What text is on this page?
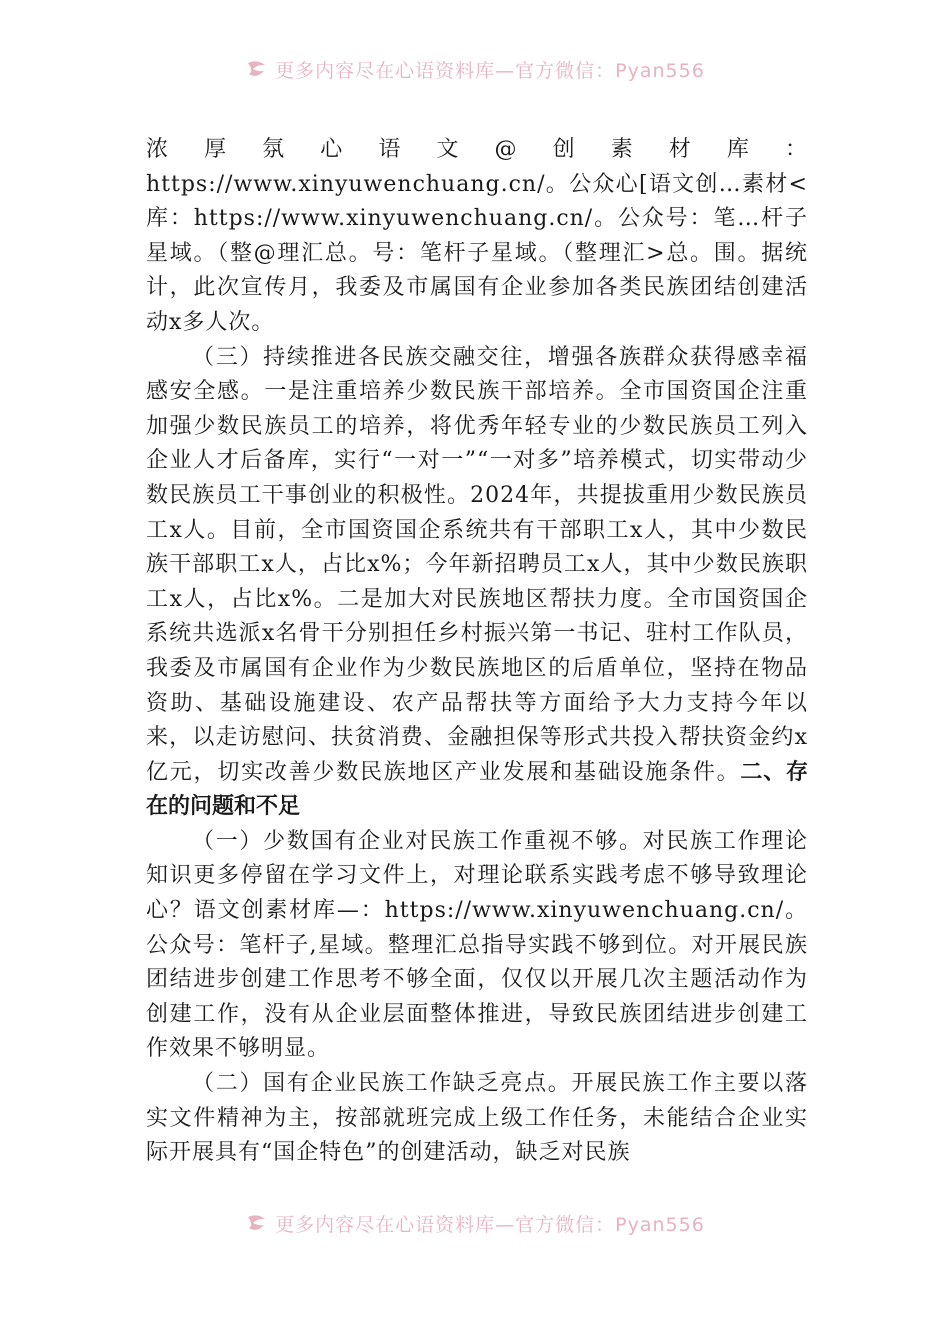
更多内容尽在心语资料库—官方微信：Pyan556

浓厚氛心语文@创素材库：https://www.xinyuwenchuang.cn/。公众心[语文创…素材<库：https://www.xinyuwenchuang.cn/。公众号：笔…杆子星域。（整@理汇总。号：笔杆子星域。（整理汇>总。围。据统计，此次宣传月，我委及市属国有企业参加各类民族团结创建活动x多人次。

（三）持续推进各民族交融交往，增强各族群众获得感幸福感安全感。一是注重培养少数民族干部培养。全市国资国企注重加强少数民族员工的培养，将优秀年轻专业的少数民族员工列入企业人才后备库，实行“一对一”“一对多”培养模式，切实带动少数民族员工干事创业的积极性。2024年，共提拔重用少数民族员工x人。目前，全市国资国企系统共有干部职工x人，其中少数民族干部职工x人，占比x%；今年新招聘员工x人，其中少数民族职工x人，占比x%。二是加大对民族地区帮扶力度。全市国资国企系统共选派x名骨干分别担任乡村振兴第一书记、驻村工作队员，我委及市属国有企业作为少数民族地区的后盾单位，坚持在物品资助、基础设施建设、农产品帮扶等方面给予大力支持今年以来，以走访慰问、扶贫消费、金融担保等形式共投入帮扶资金约x亿元，切实改善少数民族地区产业发展和基础设施条件。二、存在的问题和不足

（一）少数国有企业对民族工作重视不够。对民族工作理论知识更多停留在学习文件上，对理论联系实践考虑不够导致理论心？语文创素材库—：https://www.xinyuwenchuang.cn/。公众号：笔杆子,星域。整理汇总指导实践不够到位。对开展民族团结进步创建工作思考不够全面，仅仅以开展几次主题活动作为创建工作，没有从企业层面整体推进，导致民族团结进步创建工作效果不够明显。

（二）国有企业民族工作缺乏亮点。开展民族工作主要以落实文件精神为主，按部就班完成上级工作任务，未能结合企业实际开展具有“国企特色”的创建活动，缺乏对民族

更多内容尽在心语资料库—官方微信：Pyan556
